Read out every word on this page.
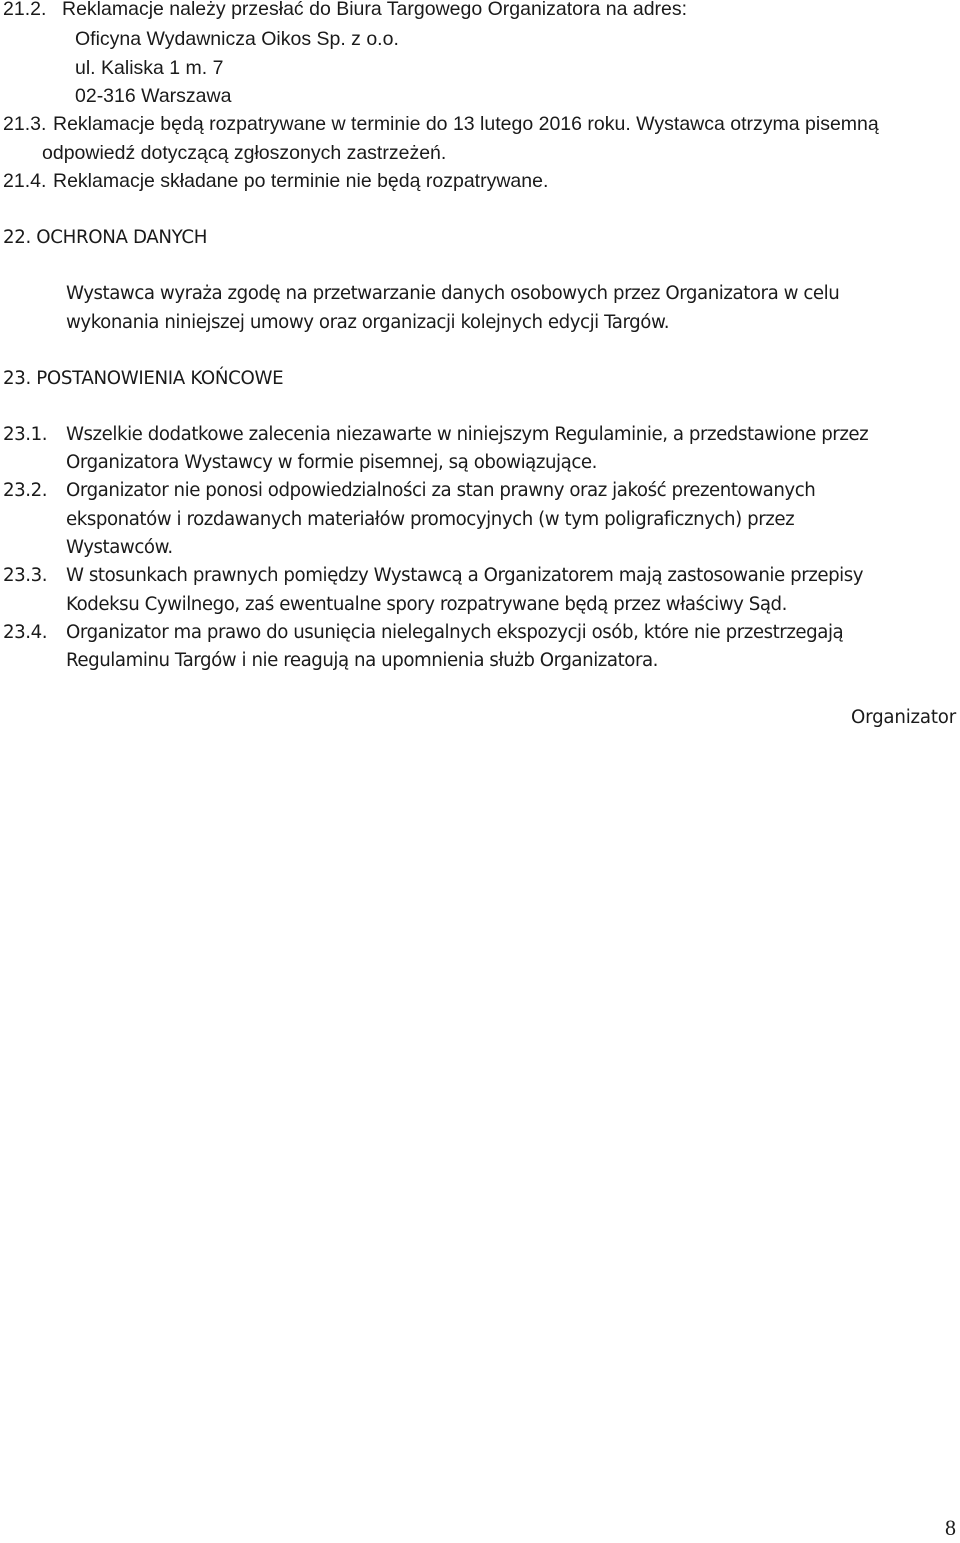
21.2. Reklamacje należy przesłać do Biura Targowego Organizatora na adres:
Oficyna Wydawnicza Oikos Sp. z o.o.
ul. Kaliska 1 m. 7
02-316 Warszawa
21.3. Reklamacje będą rozpatrywane w terminie do 13 lutego 2016 roku. Wystawca otrzyma pisemną
odpowiedź dotyczącą zgłoszonych zastrzeżeń.
21.4. Reklamacje składane po terminie nie będą rozpatrywane.
22. OCHRONA DANYCH
Wystawca wyraża zgodę na przetwarzanie danych osobowych przez Organizatora w celu
wykonania niniejszej umowy oraz organizacji kolejnych edycji Targów.
23. POSTANOWIENIA KOŃCOWE
23.1. Wszelkie dodatkowe zalecenia niezawarte w niniejszym Regulaminie, a przedstawione przez
Organizatora Wystawcy w formie pisemnej, są obowiązujące.
23.2. Organizator nie ponosi odpowiedzialności za stan prawny oraz jakość prezentowanych
eksponatów i rozdawanych materiałów promocyjnych (w tym poligraficznych) przez
Wystawców.
23.3. W stosunkach prawnych pomiędzy Wystawcą a Organizatorem mają zastosowanie przepisy
Kodeksu Cywilnego, zaś ewentualne spory rozpatrywane będą przez właściwy Sąd.
23.4. Organizator ma prawo do usunięcia nielegalnych ekspozycji osób, które nie przestrzegają
Regulaminu Targów i nie reagują na upomnienia służb Organizatora.
Organizator
8
